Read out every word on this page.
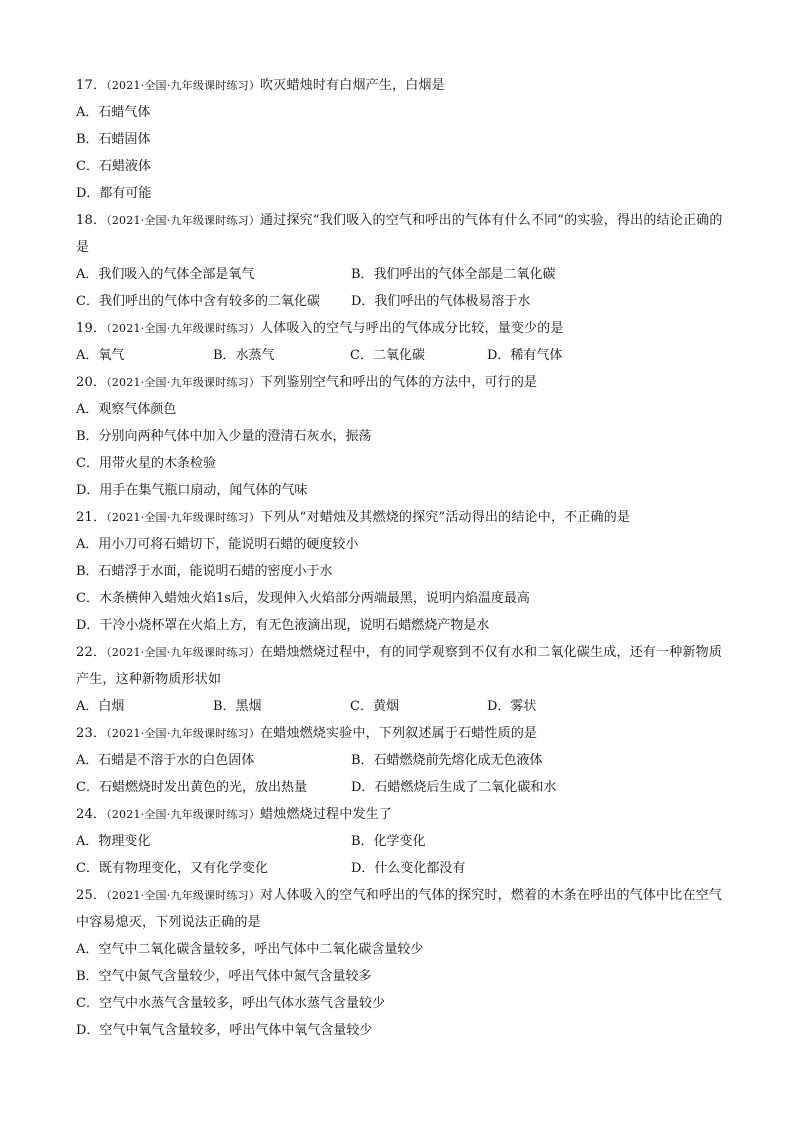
17．（2021·全国·九年级课时练习）吹灭蜡烛时有白烟产生，白烟是

A．石蜡气体
B．石蜡固体
C．石蜡液体
D．都有可能

18．（2021·全国·九年级课时练习）通过探究“我们吸入的空气和呼出的气体有什么不同”的实验，得出的结论正确的是

A．我们吸入的气体全部是氧气	B．我们呼出的气体全部是二氧化碳
C．我们呼出的气体中含有较多的二氧化碳	D．我们呼出的气体极易溶于水

19．（2021·全国·九年级课时练习）人体吸入的空气与呼出的气体成分比较，量变少的是

A．氧气	B．水蒸气	C．二氧化碳	D．稀有气体

20．（2021·全国·九年级课时练习）下列鉴别空气和呼出的气体的方法中，可行的是

A．观察气体颜色
B．分别向两种气体中加入少量的澄清石灰水，振荡
C．用带火星的木条检验
D．用手在集气瓶口扇动，闻气体的气味

21．（2021·全国·九年级课时练习）下列从“对蜡烛及其燃烧的探究”活动得出的结论中，不正确的是

A．用小刀可将石蜡切下，能说明石蜡的硬度较小
B．石蜡浮于水面，能说明石蜡的密度小于水
C．木条横伸入蜡烛火焰1s后，发现伸入火焰部分两端最黑，说明内焰温度最高
D．干冷小烧杯罩在火焰上方，有无色液滴出现，说明石蜡燃烧产物是水

22．（2021·全国·九年级课时练习）在蜡烛燃烧过程中，有的同学观察到不仅有水和二氧化碳生成，还有一种新物质产生，这种新物质形状如

A．白烟	B．黑烟	C．黄烟	D．雾状

23．（2021·全国·九年级课时练习）在蜡烛燃烧实验中，下列叙述属于石蜡性质的是

A．石蜡是不溶于水的白色固体	B．石蜡燃烧前先熔化成无色液体
C．石蜡燃烧时发出黄色的光，放出热量	D．石蜡燃烧后生成了二氧化碳和水

24．（2021·全国·九年级课时练习）蜡烛燃烧过程中发生了

A．物理变化	B．化学变化
C．既有物理变化，又有化学变化	D．什么变化都没有

25．（2021·全国·九年级课时练习）对人体吸入的空气和呼出的气体的探究时，燃着的木条在呼出的气体中比在空气中容易熄灭，下列说法正确的是

A．空气中二氧化碳含量较多，呼出气体中二氧化碳含量较少
B．空气中氮气含量较少，呼出气体中氮气含量较多
C．空气中水蒸气含量较多，呼出气体水蒸气含量较少
D．空气中氧气含量较多，呼出气体中氧气含量较少
